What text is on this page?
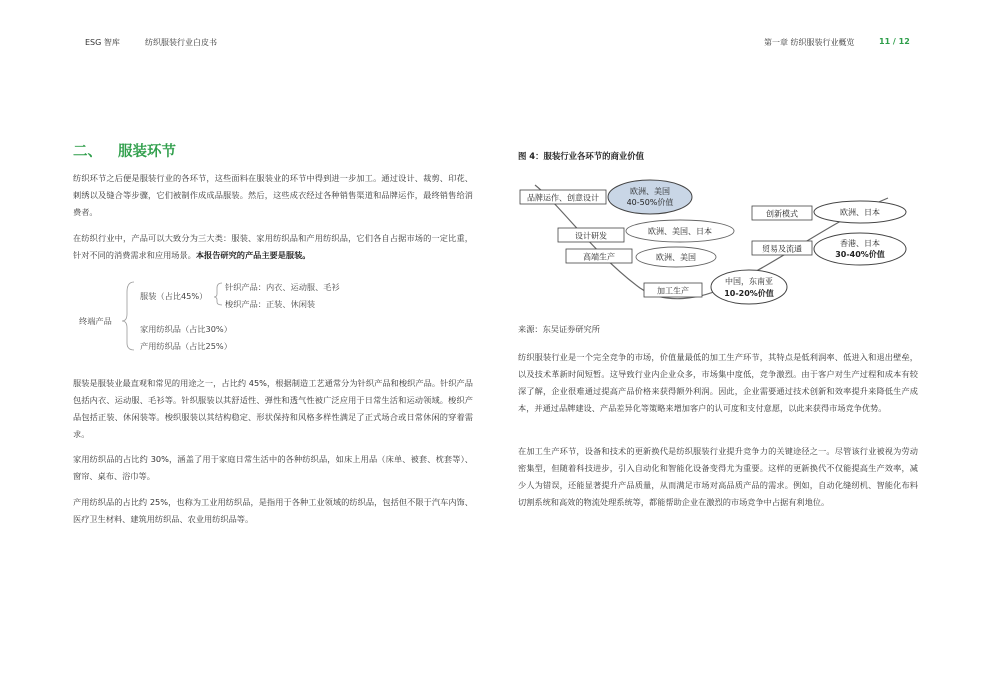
ESG 智库	纺织服装行业白皮书	第一章 纺织服装行业概览	11 / 12
二、 服装环节

纺织环节之后便是服装行业的各环节，这些面料在服装业的环节中得到进一步加工。通过设计、裁剪、印花、刺绣以及缝合等步骤，它们被制作成成品服装。然后，这些成衣经过各种销售渠道和品牌运作，最终销售给消费者。

在纺织行业中，产品可以大致分为三大类：服装、家用纺织品和产用纺织品，它们各自占据市场的一定比重，针对不同的消费需求和应用场景。本报告研究的产品主要是服装。

终端产品
服装（占比45%）
针织产品：内衣、运动服、毛衫
梭织产品：正装、休闲装
家用纺织品（占比30%）
产用纺织品（占比25%）

服装是服装业最直观和常见的用途之一，占比约 45%，根据制造工艺通常分为针织产品和梭织产品。针织产品包括内衣、运动服、毛衫等。针织服装以其舒适性、弹性和透气性被广泛应用于日常生活和运动领域。梭织产品包括正装、休闲装等。梭织服装以其结构稳定、形状保持和风格多样性满足了正式场合或日常休闲的穿着需求。

家用纺织品的占比约 30%，涵盖了用于家庭日常生活中的各种纺织品，如床上用品（床单、被套、枕套等）、窗帘、桌布、浴巾等。

产用纺织品的占比约 25%，也称为工业用纺织品，是指用于各种工业领域的纺织品，包括但不限于汽车内饰、医疗卫生材料、建筑用纺织品、农业用纺织品等。

图 4：服装行业各环节的商业价值
品牌运作、创意设计
设计研发
高端生产
加工生产
创新模式
贸易及流通
欧洲、美国
40-50%价值
欧洲、美国、日本
欧洲、美国
中国，东南亚
10-20%价值
欧洲、日本
香港、日本
30-40%价值
来源：东吴证券研究所

纺织服装行业是一个完全竞争的市场，价值量最低的加工生产环节，其特点是低利润率、低进入和退出壁垒，以及技术革新时间短暂。这导致行业内企业众多，市场集中度低，竞争激烈。由于客户对生产过程和成本有较深了解，企业很难通过提高产品价格来获得额外利润。因此，企业需要通过技术创新和效率提升来降低生产成本，并通过品牌建设、产品差异化等策略来增加客户的认可度和支付意愿，以此来获得市场竞争优势。

在加工生产环节，设备和技术的更新换代是纺织服装行业提升竞争力的关键途径之一。尽管该行业被视为劳动密集型，但随着科技进步，引入自动化和智能化设备变得尤为重要。这样的更新换代不仅能提高生产效率，减少人为错误，还能显著提升产品质量，从而满足市场对高品质产品的需求。例如，自动化缝纫机、智能化布料切割系统和高效的物流处理系统等，都能帮助企业在激烈的市场竞争中占据有利地位。
